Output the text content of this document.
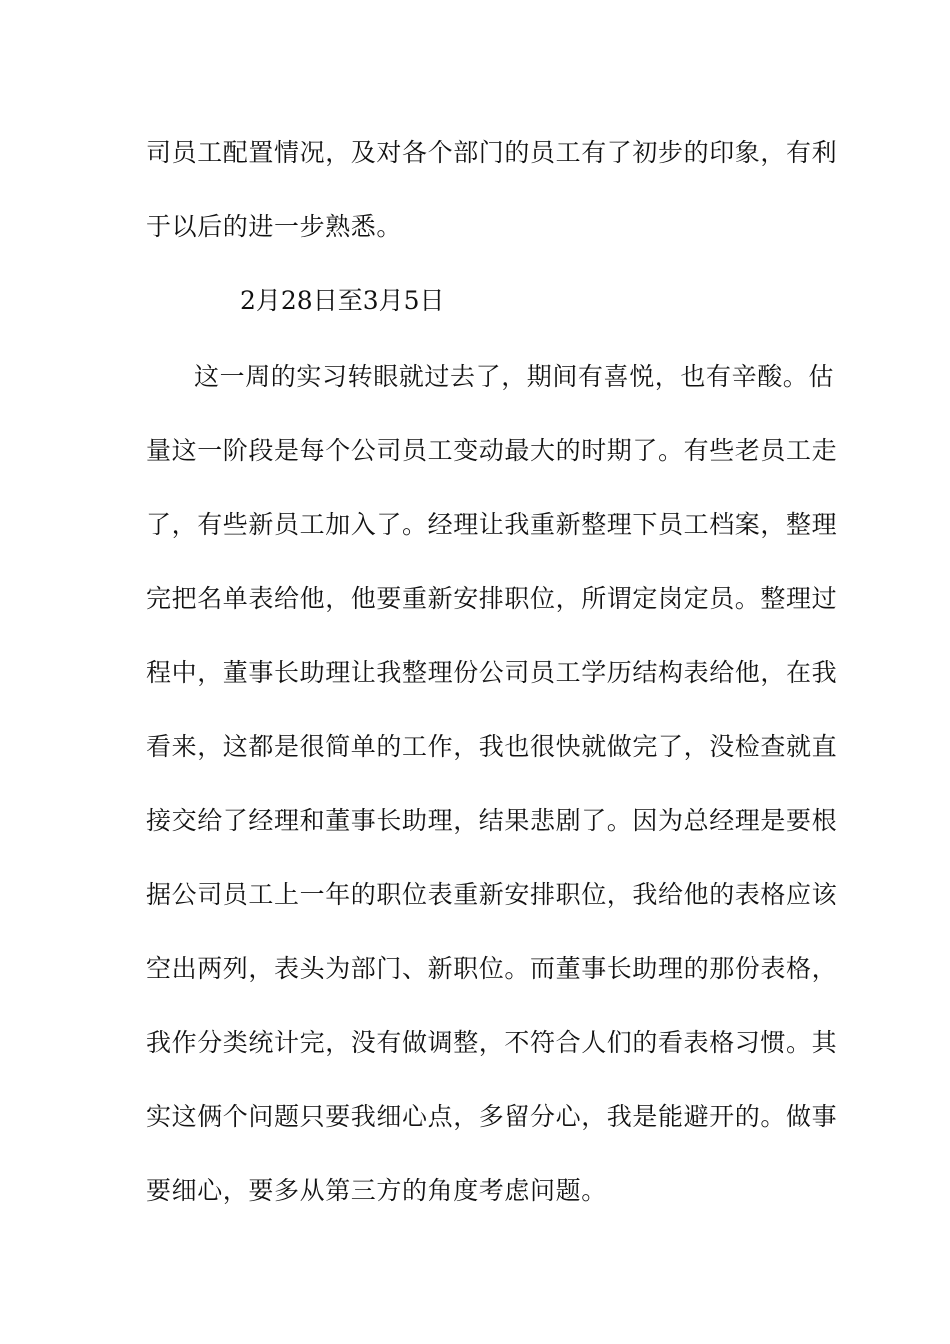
司员工配置情况，及对各个部门的员工有了初步的印象，有利
于以后的进一步熟悉。
2月28日至3月5日
这一周的实习转眼就过去了，期间有喜悦，也有辛酸。估
量这一阶段是每个公司员工变动最大的时期了。有些老员工走
了，有些新员工加入了。经理让我重新整理下员工档案，整理
完把名单表给他，他要重新安排职位，所谓定岗定员。整理过
程中，董事长助理让我整理份公司员工学历结构表给他，在我
看来，这都是很简单的工作，我也很快就做完了，没检查就直
接交给了经理和董事长助理，结果悲剧了。因为总经理是要根
据公司员工上一年的职位表重新安排职位，我给他的表格应该
空出两列，表头为部门、新职位。而董事长助理的那份表格，
我作分类统计完，没有做调整，不符合人们的看表格习惯。其
实这俩个问题只要我细心点，多留分心，我是能避开的。做事
要细心，要多从第三方的角度考虑问题。
